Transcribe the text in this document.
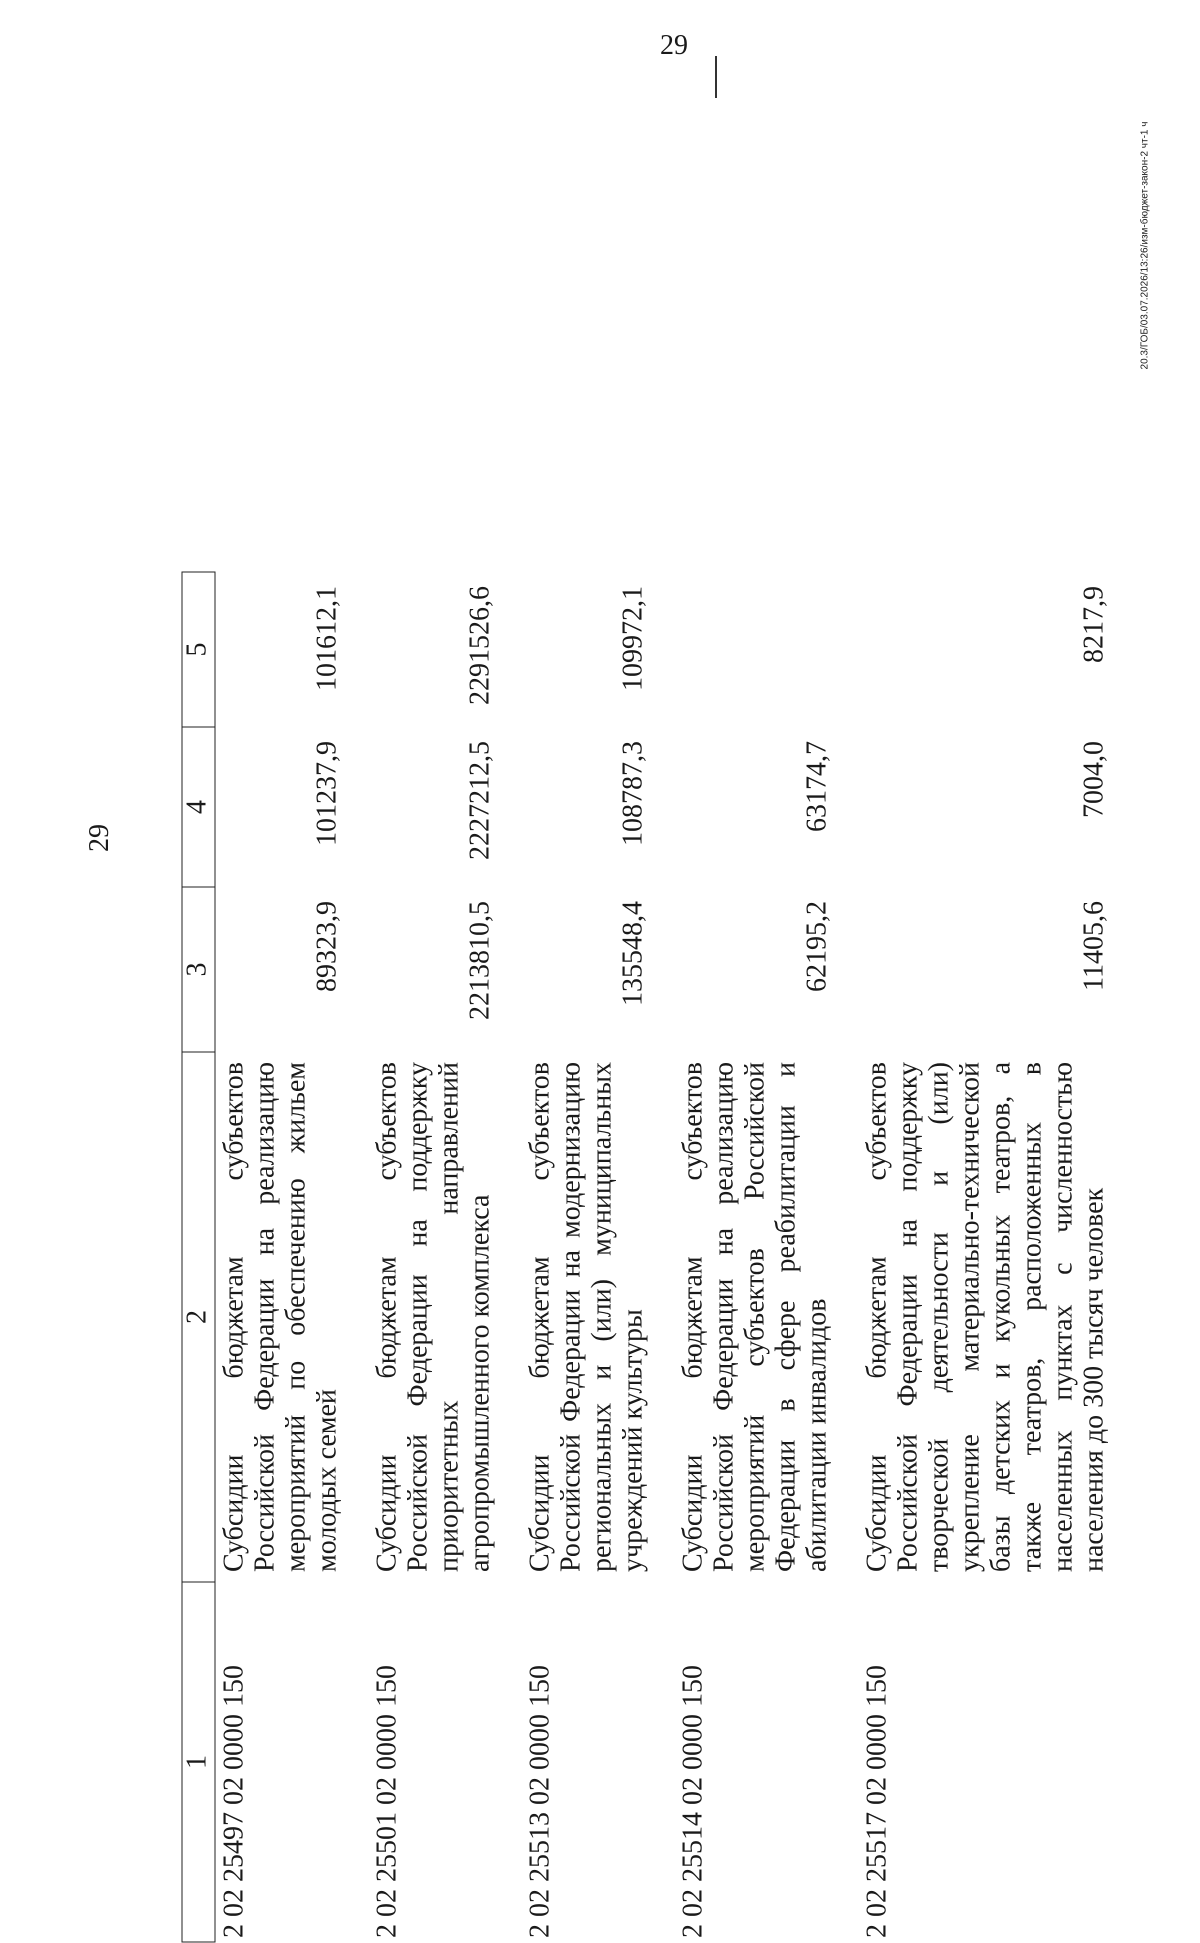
29
29
20.3/ГОБ/03.07.2026/13:26/изм-бюджет-закон-2 чт-1 ч
1	2	3	4	5
2 02 25497 02 0000 150	Субсидии бюджетам субъектов Российской Федерации на реализацию мероприятий по обеспечению жильем молодых семей	89323,9	101237,9	101612,1
2 02 25501 02 0000 150	Субсидии бюджетам субъектов Российской Федерации на поддержку приоритетных направлений агропромышленного комплекса	2213810,5	2227212,5	2291526,6
2 02 25513 02 0000 150	Субсидии бюджетам субъектов Российской Федерации на модернизацию региональных и (или) муниципальных учреждений культуры	135548,4	108787,3	109972,1
2 02 25514 02 0000 150	Субсидии бюджетам субъектов Российской Федерации на реализацию мероприятий субъектов Российской Федерации в сфере реабилитации и абилитации инвалидов	62195,2	63174,7	
2 02 25517 02 0000 150	Субсидии бюджетам субъектов Российской Федерации на поддержку творческой деятельности и (или) укрепление материально-технической базы детских и кукольных театров, а также театров, расположенных в населенных пунктах с численностью населения до 300 тысяч человек	11405,6	7004,0	8217,9
